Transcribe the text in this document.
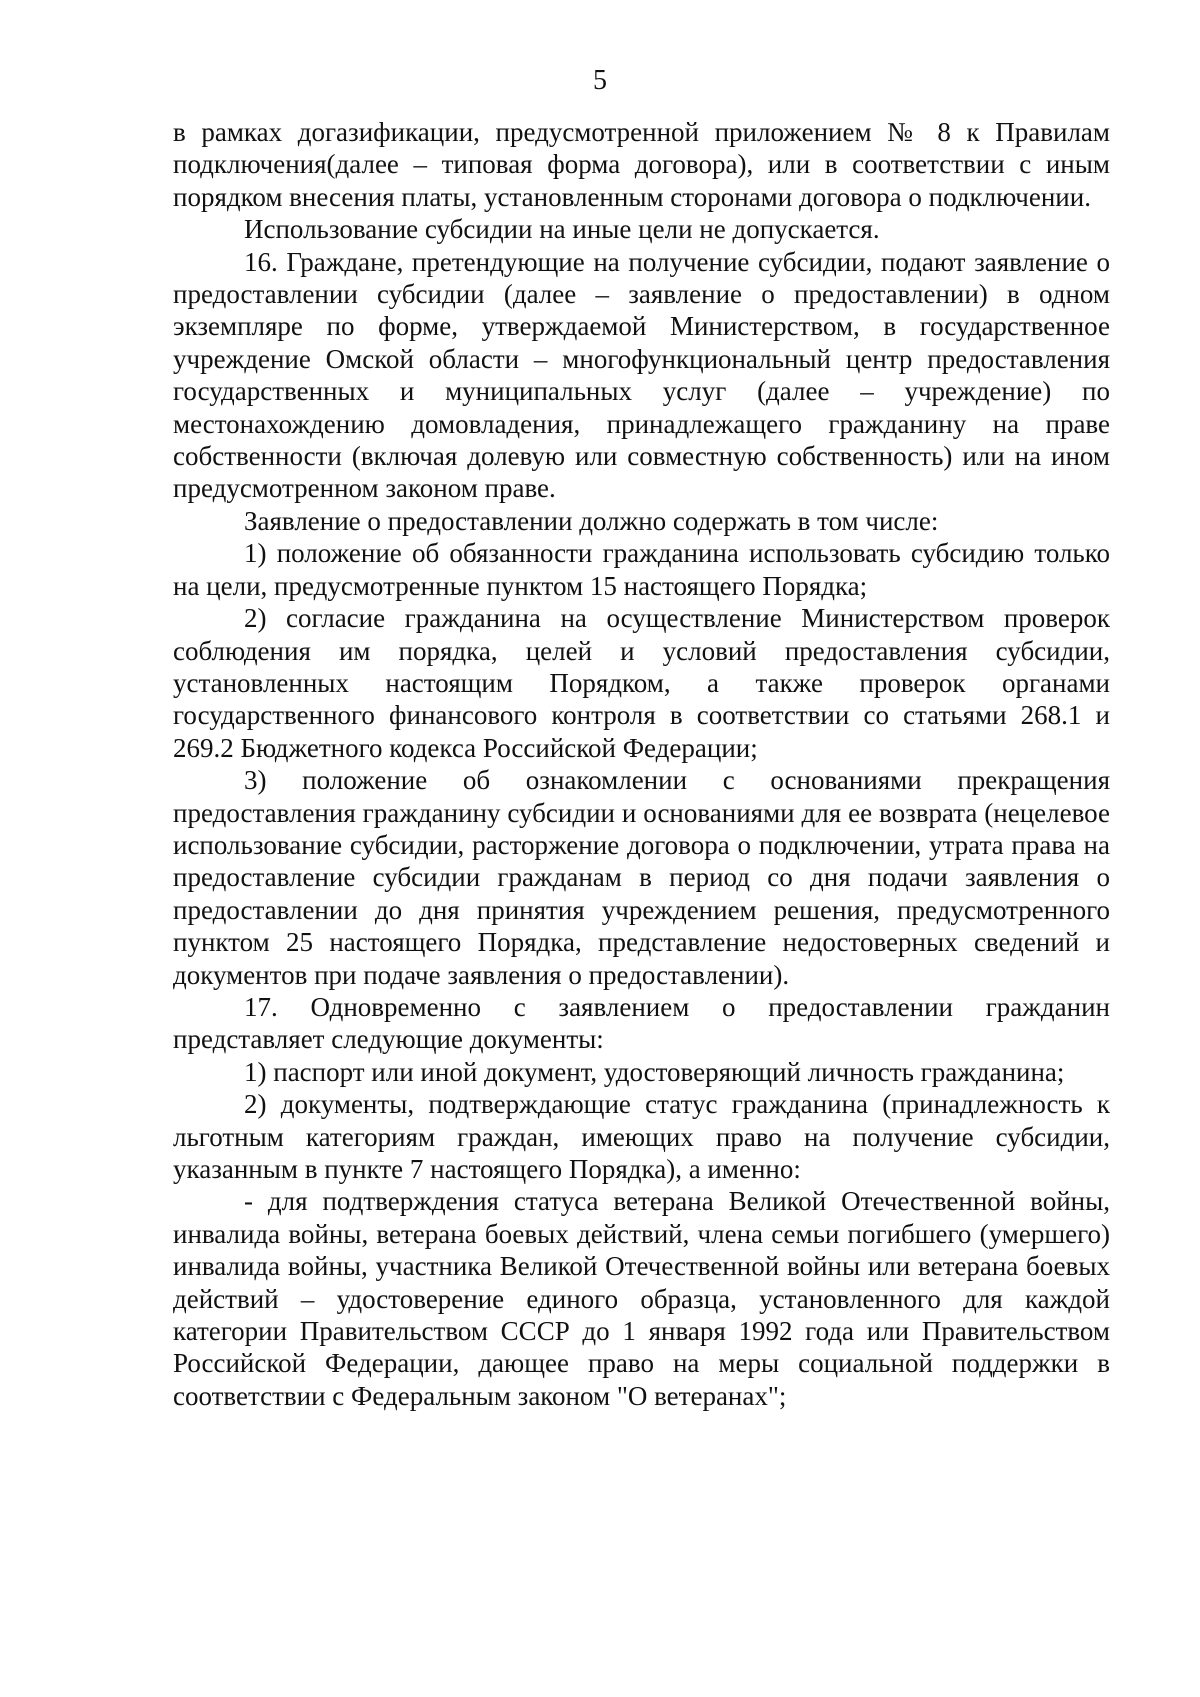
5

в рамках догазификации, предусмотренной приложением № 8 к Правилам подключения(далее – типовая форма договора), или в соответствии с иным порядком внесения платы, установленным сторонами договора о подключении.

Использование субсидии на иные цели не допускается.

16. Граждане, претендующие на получение субсидии, подают заявление о предоставлении субсидии (далее – заявление о предоставлении) в одном экземпляре по форме, утверждаемой Министерством, в государственное учреждение Омской области – многофункциональный центр предоставления государственных и муниципальных услуг (далее – учреждение) по местонахождению домовладения, принадлежащего гражданину на праве собственности (включая долевую или совместную собственность) или на ином предусмотренном законом праве.

Заявление о предоставлении должно содержать в том числе:

1) положение об обязанности гражданина использовать субсидию только на цели, предусмотренные пунктом 15 настоящего Порядка;

2) согласие гражданина на осуществление Министерством проверок соблюдения им порядка, целей и условий предоставления субсидии, установленных настоящим Порядком, а также проверок органами государственного финансового контроля в соответствии со статьями 268.1 и 269.2 Бюджетного кодекса Российской Федерации;

3) положение об ознакомлении с основаниями прекращения предоставления гражданину субсидии и основаниями для ее возврата (нецелевое использование субсидии, расторжение договора о подключении, утрата права на предоставление субсидии гражданам в период со дня подачи заявления о предоставлении до дня принятия учреждением решения, предусмотренного пунктом 25 настоящего Порядка, представление недостоверных сведений и документов при подаче заявления о предоставлении).

17. Одновременно с заявлением о предоставлении гражданин представляет следующие документы:

1) паспорт или иной документ, удостоверяющий личность гражданина;

2) документы, подтверждающие статус гражданина (принадлежность к льготным категориям граждан, имеющих право на получение субсидии, указанным в пункте 7 настоящего Порядка), а именно:

- для подтверждения статуса ветерана Великой Отечественной войны, инвалида войны, ветерана боевых действий, члена семьи погибшего (умершего) инвалида войны, участника Великой Отечественной войны или ветерана боевых действий – удостоверение единого образца, установленного для каждой категории Правительством СССР до 1 января 1992 года или Правительством Российской Федерации, дающее право на меры социальной поддержки в соответствии с Федеральным законом "О ветеранах";
